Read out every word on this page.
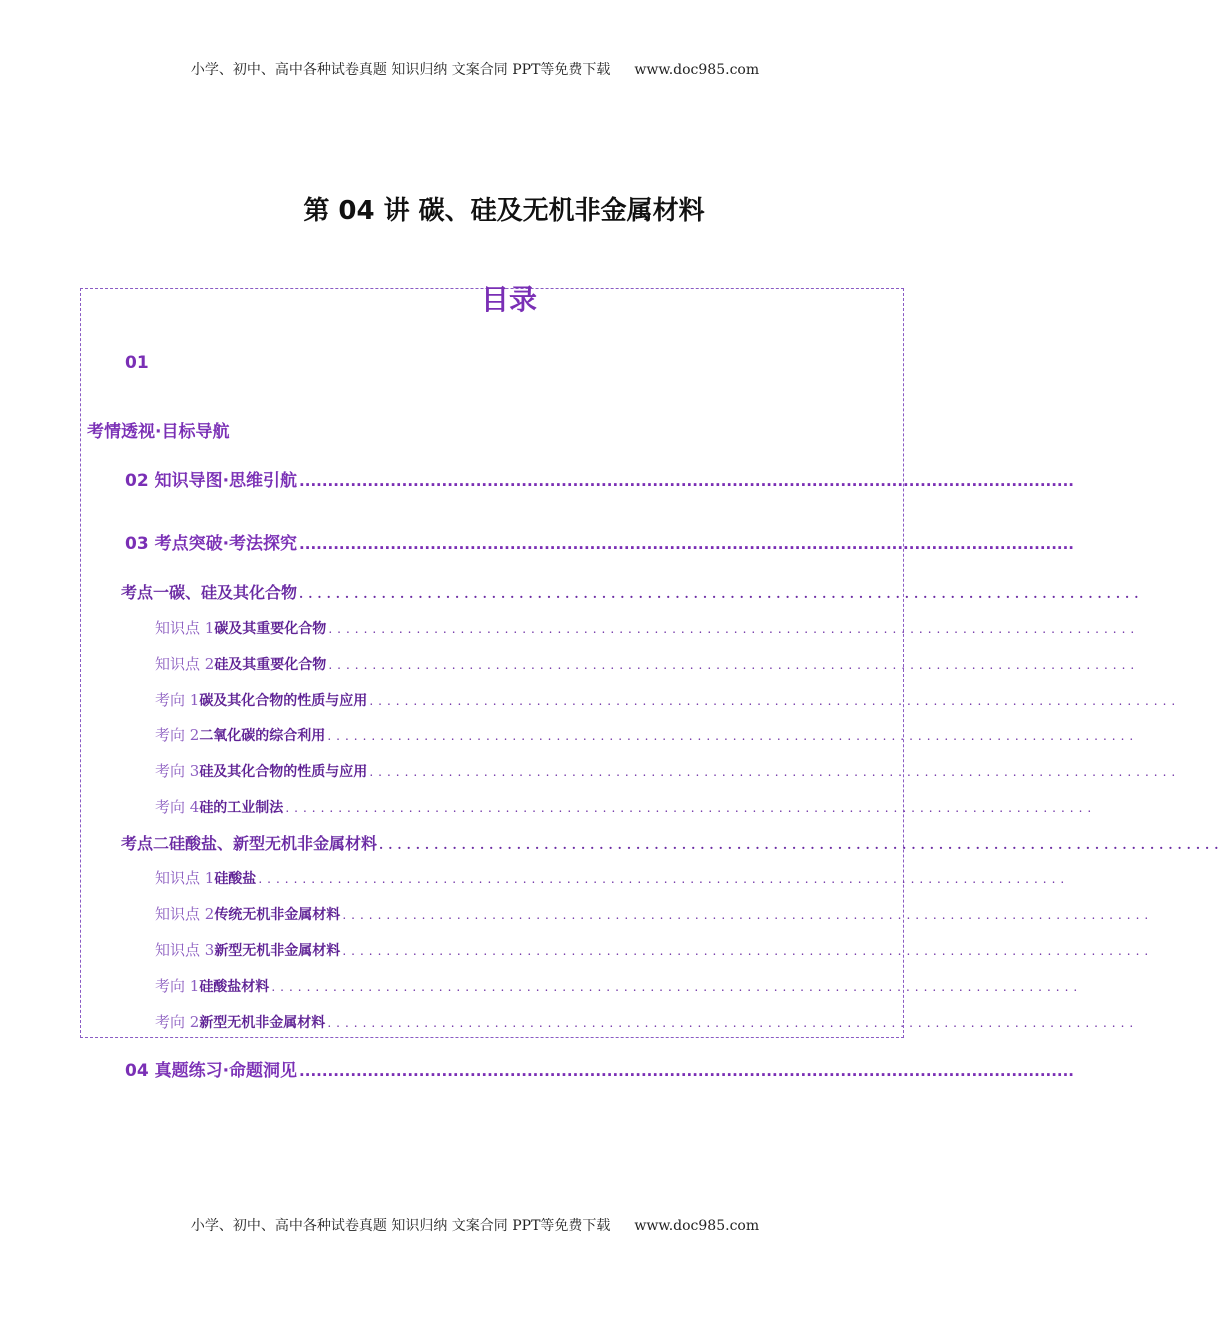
小学、初中、高中各种试卷真题 知识归纳 文案合同 PPT等免费下载 www.doc985.com
第 04 讲 碳、硅及无机非金属材料
目录
01
考情透视·目标导航
02 知识导图·思维引航 ........................................................................................................................................
03 考点突破·考法探究 ........................................................................................................................................
考点一 碳、硅及其化合物 ............................................................................................
知识点 1 碳及其重要化合物 ............................................................................................
知识点 2 硅及其重要化合物 ............................................................................................
考向 1 碳及其化合物的性质与应用 ............................................................................................
考向 2 二氧化碳的综合利用 ............................................................................................
考向 3 硅及其化合物的性质与应用 ............................................................................................
考向 4 硅的工业制法 ............................................................................................
考点二 硅酸盐、新型无机非金属材料 ............................................................................................
知识点 1 硅酸盐 ............................................................................................
知识点 2 传统无机非金属材料 ............................................................................................
知识点 3 新型无机非金属材料 ............................................................................................
考向 1 硅酸盐材料 ............................................................................................
考向 2 新型无机非金属材料 ............................................................................................
04 真题练习·命题洞见 ........................................................................................................................................
小学、初中、高中各种试卷真题 知识归纳 文案合同 PPT等免费下载 www.doc985.com
